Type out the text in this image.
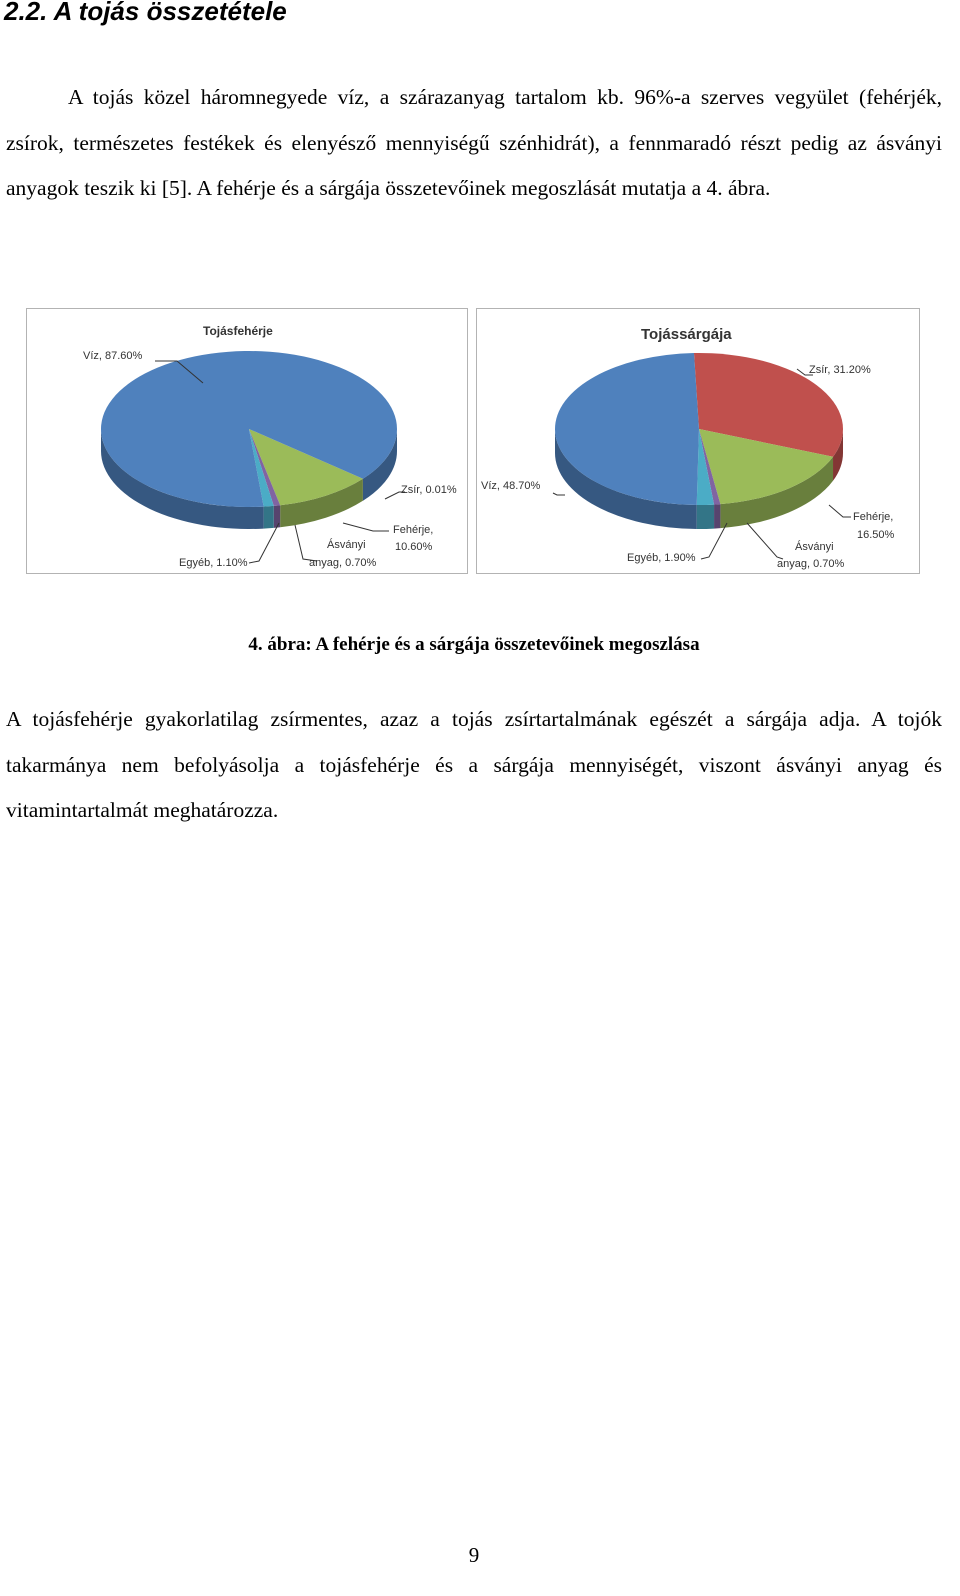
2.2. A tojás összetétele

A tojás közel háromnegyede víz, a szárazanyag tartalom kb. 96%-a szerves vegyület (fehérjék, zsírok, természetes festékek és elenyésző mennyiségű szénhidrát), a fennmaradó részt pedig az ásványi anyagok teszik ki [5]. A fehérje és a sárgája összetevőinek megoszlását mutatja a 4. ábra.

Tojásfehérje
Víz, 87.60%
Zsír, 0.01%
Fehérje, 10.60%
Ásványi anyag, 0.70%
Egyéb, 1.10%
Tojássárgája
Víz, 48.70%
Zsír, 31.20%
Fehérje, 16.50%
Ásványi anyag, 0.70%
Egyéb, 1.90%

4. ábra: A fehérje és a sárgája összetevőinek megoszlása

A tojásfehérje gyakorlatilag zsírmentes, azaz a tojás zsírtartalmának egészét a sárgája adja. A tojók takarmánya nem befolyásolja a tojásfehérje és a sárgája mennyiségét, viszont ásványi anyag és vitamintartalmát meghatározza.

9
